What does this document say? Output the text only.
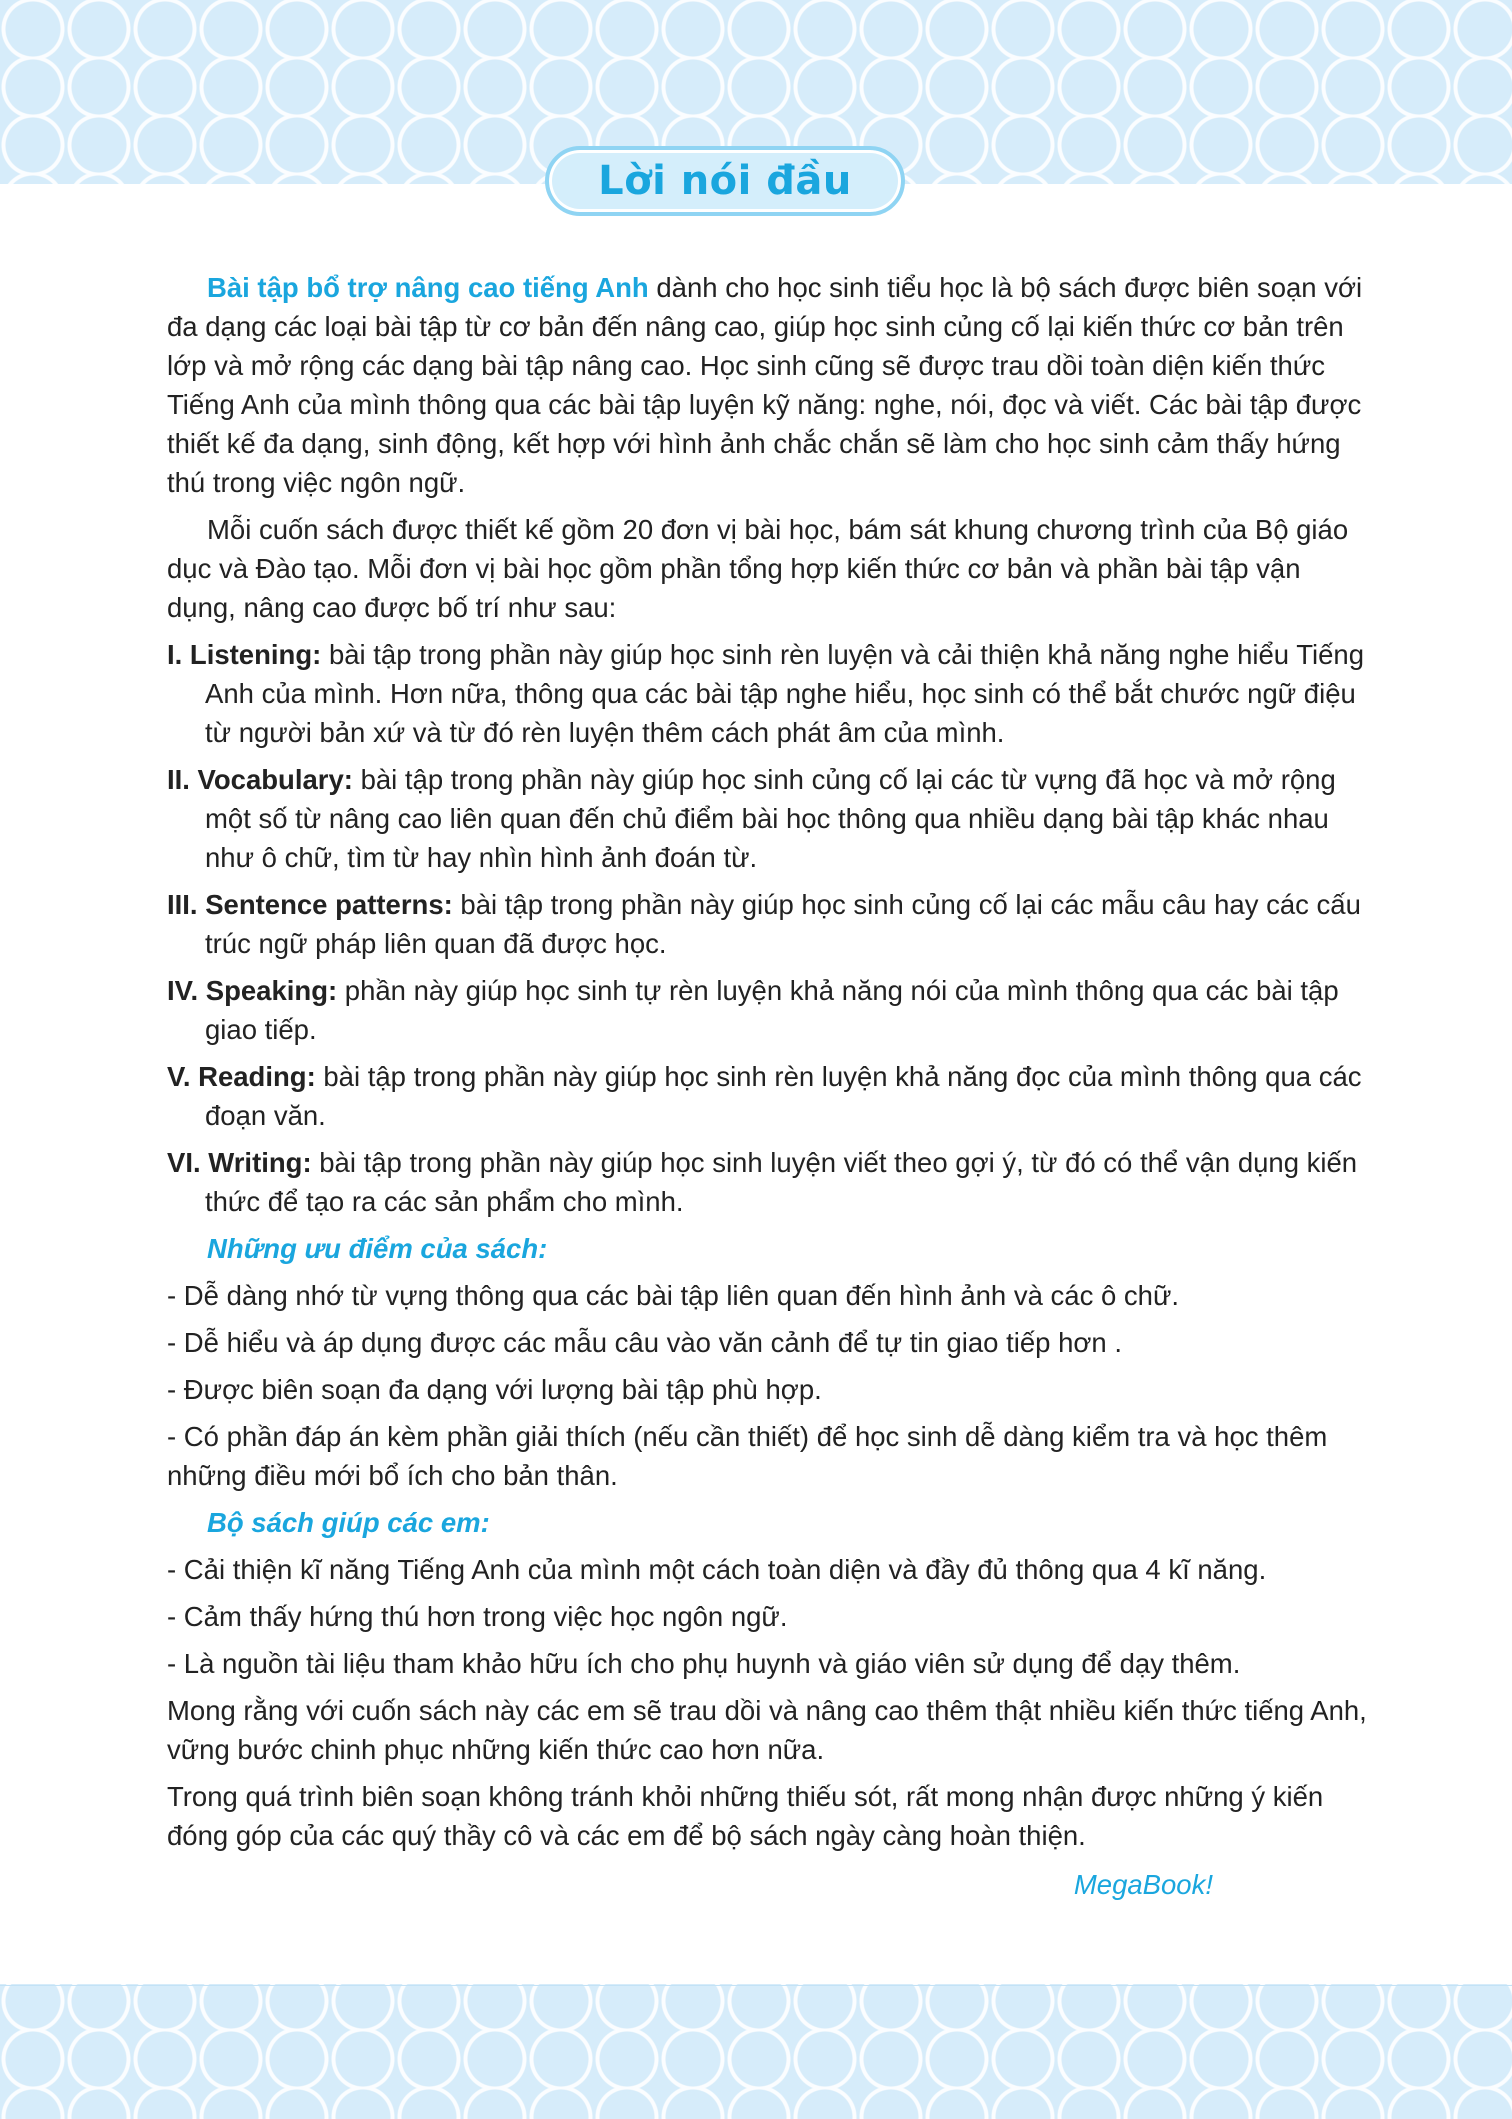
Lời nói đầu

Bài tập bổ trợ nâng cao tiếng Anh dành cho học sinh tiểu học là bộ sách được biên soạn với đa dạng các loại bài tập từ cơ bản đến nâng cao, giúp học sinh củng cố lại kiến thức cơ bản trên lớp và mở rộng các dạng bài tập nâng cao. Học sinh cũng sẽ được trau dồi toàn diện kiến thức Tiếng Anh của mình thông qua các bài tập luyện kỹ năng: nghe, nói, đọc và viết. Các bài tập được thiết kế đa dạng, sinh động, kết hợp với hình ảnh chắc chắn sẽ làm cho học sinh cảm thấy hứng thú trong việc ngôn ngữ.

Mỗi cuốn sách được thiết kế gồm 20 đơn vị bài học, bám sát khung chương trình của Bộ giáo dục và Đào tạo. Mỗi đơn vị bài học gồm phần tổng hợp kiến thức cơ bản và phần bài tập vận dụng, nâng cao được bố trí như sau:

I. Listening: bài tập trong phần này giúp học sinh rèn luyện và cải thiện khả năng nghe hiểu Tiếng Anh của mình. Hơn nữa, thông qua các bài tập nghe hiểu, học sinh có thể bắt chước ngữ điệu từ người bản xứ và từ đó rèn luyện thêm cách phát âm của mình.

II. Vocabulary: bài tập trong phần này giúp học sinh củng cố lại các từ vựng đã học và mở rộng một số từ nâng cao liên quan đến chủ điểm bài học thông qua nhiều dạng bài tập khác nhau như ô chữ, tìm từ hay nhìn hình ảnh đoán từ.

III. Sentence patterns: bài tập trong phần này giúp học sinh củng cố lại các mẫu câu hay các cấu trúc ngữ pháp liên quan đã được học.

IV. Speaking: phần này giúp học sinh tự rèn luyện khả năng nói của mình thông qua các bài tập giao tiếp.

V. Reading: bài tập trong phần này giúp học sinh rèn luyện khả năng đọc của mình thông qua các đoạn văn.

VI. Writing: bài tập trong phần này giúp học sinh luyện viết theo gợi ý, từ đó có thể vận dụng kiến thức để tạo ra các sản phẩm cho mình.

Những ưu điểm của sách:

- Dễ dàng nhớ từ vựng thông qua các bài tập liên quan đến hình ảnh và các ô chữ.

- Dễ hiểu và áp dụng được các mẫu câu vào văn cảnh để tự tin giao tiếp hơn .

- Được biên soạn đa dạng với lượng bài tập phù hợp.

- Có phần đáp án kèm phần giải thích (nếu cần thiết) để học sinh dễ dàng kiểm tra và học thêm những điều mới bổ ích cho bản thân.

Bộ sách giúp các em:

- Cải thiện kĩ năng Tiếng Anh của mình một cách toàn diện và đầy đủ thông qua 4 kĩ năng.

- Cảm thấy hứng thú hơn trong việc học ngôn ngữ.

- Là nguồn tài liệu tham khảo hữu ích cho phụ huynh và giáo viên sử dụng để dạy thêm.

Mong rằng với cuốn sách này các em sẽ trau dồi và nâng cao thêm thật nhiều kiến thức tiếng Anh, vững bước chinh phục những kiến thức cao hơn nữa.

Trong quá trình biên soạn không tránh khỏi những thiếu sót, rất mong nhận được những ý kiến đóng góp của các quý thầy cô và các em để bộ sách ngày càng hoàn thiện.

MegaBook!
